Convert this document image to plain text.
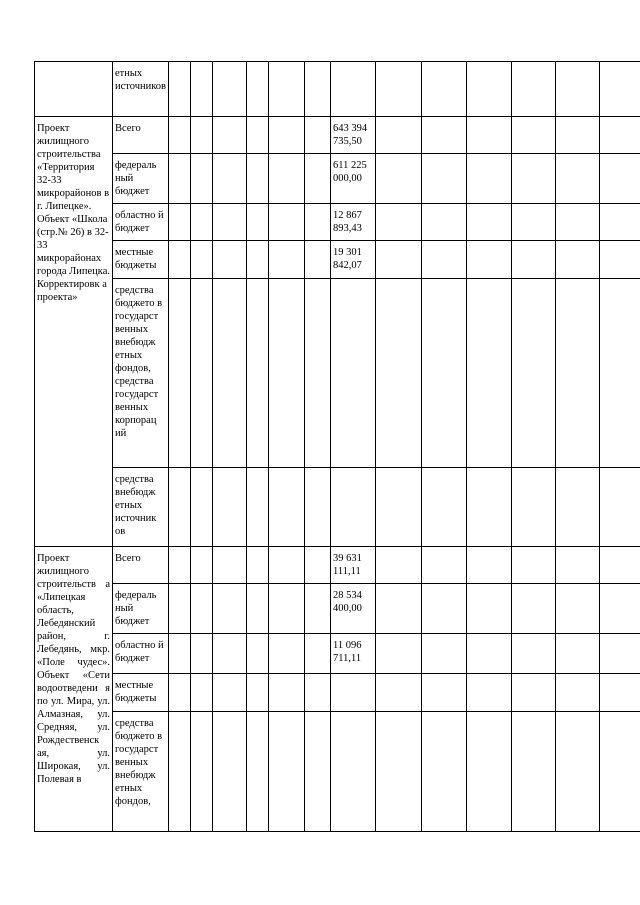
	етных источников													
Проект жилищного строительства «Территория 32-33 микрорайонов в г. Липецке». Объект «Школа (стр.№ 26) в 32-33 микрорайонах города Липецка. Корректировк а проекта»	Всего							643 394 735,50						
	федераль ный бюджет							611 225 000,00						
	областно й бюджет							12 867 893,43						
	местные бюджеты							19 301 842,07						
	средства бюджето в государст венных внебюдж етных фондов, средства государст венных корпорац ий													
	средства внебюдж етных источник ов													
Проект жилищного строительств а «Липецкая область, Лебедянский район, г. Лебедянь, мкр. «Поле чудес». Объект «Сети водоотведени я по ул. Мира, ул. Алмазная, ул. Средняя, ул. Рождественск ая, ул. Широкая, ул. Полевая в	Всего							39 631 111,11						
	федераль ный бюджет							28 534 400,00						
	областно й бюджет							11 096 711,11						
	местные бюджеты													
	средства бюджето в государст венных внебюдж етных фондов,													
